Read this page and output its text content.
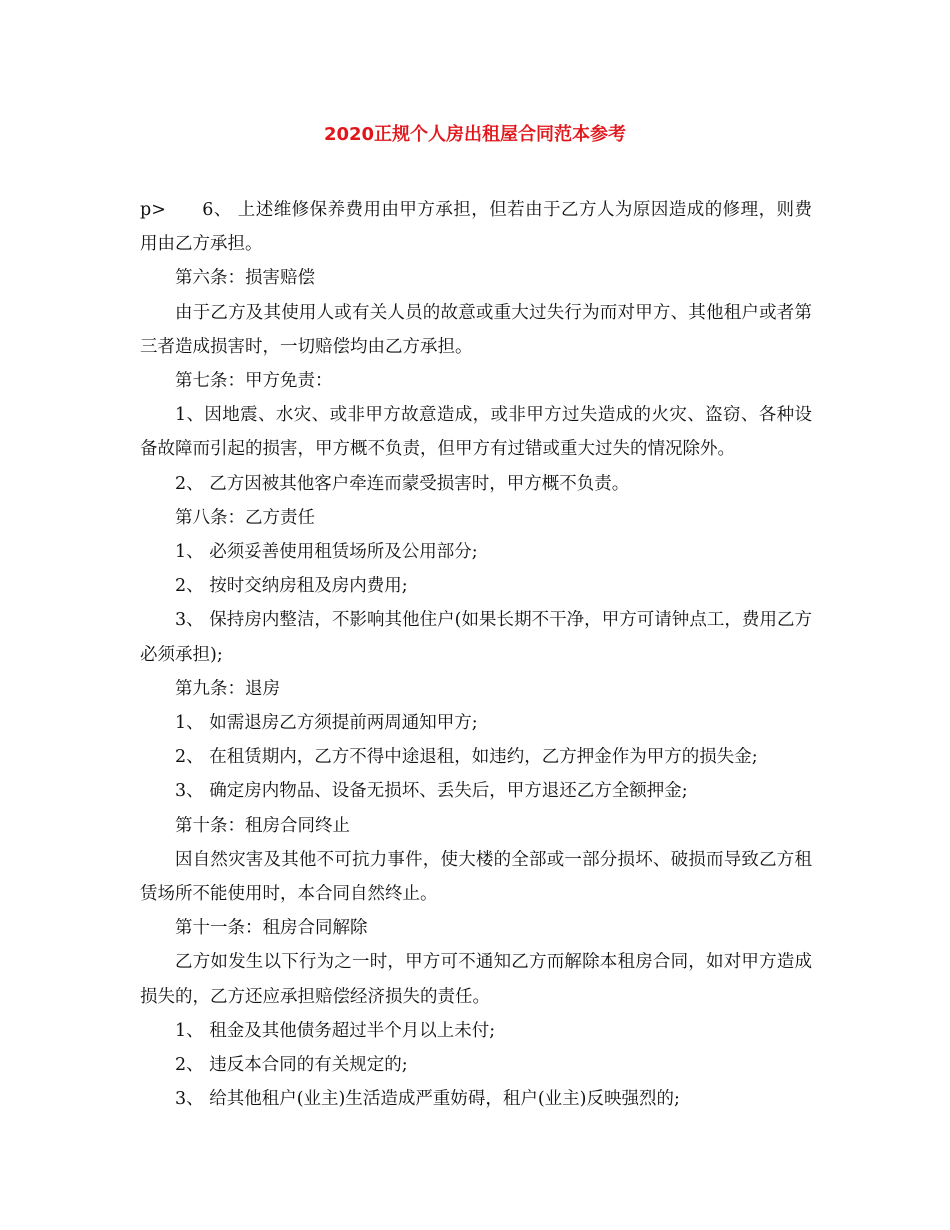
2020正规个人房出租屋合同范本参考

p>　　6、 上述维修保养费用由甲方承担，但若由于乙方人为原因造成的修理，则费用由乙方承担。

第六条：损害赔偿

由于乙方及其使用人或有关人员的故意或重大过失行为而对甲方、其他租户或者第三者造成损害时，一切赔偿均由乙方承担。

第七条：甲方免责：

1、因地震、水灾、或非甲方故意造成，或非甲方过失造成的火灾、盗窃、各种设备故障而引起的损害，甲方概不负责，但甲方有过错或重大过失的情况除外。

2、 乙方因被其他客户牵连而蒙受损害时，甲方概不负责。

第八条：乙方责任

1、 必须妥善使用租赁场所及公用部分;

2、 按时交纳房租及房内费用;

3、 保持房内整洁，不影响其他住户(如果长期不干净，甲方可请钟点工，费用乙方必须承担);

第九条：退房

1、 如需退房乙方须提前两周通知甲方;

2、 在租赁期内，乙方不得中途退租，如违约，乙方押金作为甲方的损失金;

3、 确定房内物品、设备无损坏、丢失后，甲方退还乙方全额押金;

第十条：租房合同终止

因自然灾害及其他不可抗力事件，使大楼的全部或一部分损坏、破损而导致乙方租赁场所不能使用时，本合同自然终止。

第十一条：租房合同解除

乙方如发生以下行为之一时，甲方可不通知乙方而解除本租房合同，如对甲方造成损失的，乙方还应承担赔偿经济损失的责任。

1、 租金及其他债务超过半个月以上未付;

2、 违反本合同的有关规定的;

3、 给其他租户(业主)生活造成严重妨碍，租户(业主)反映强烈的;
